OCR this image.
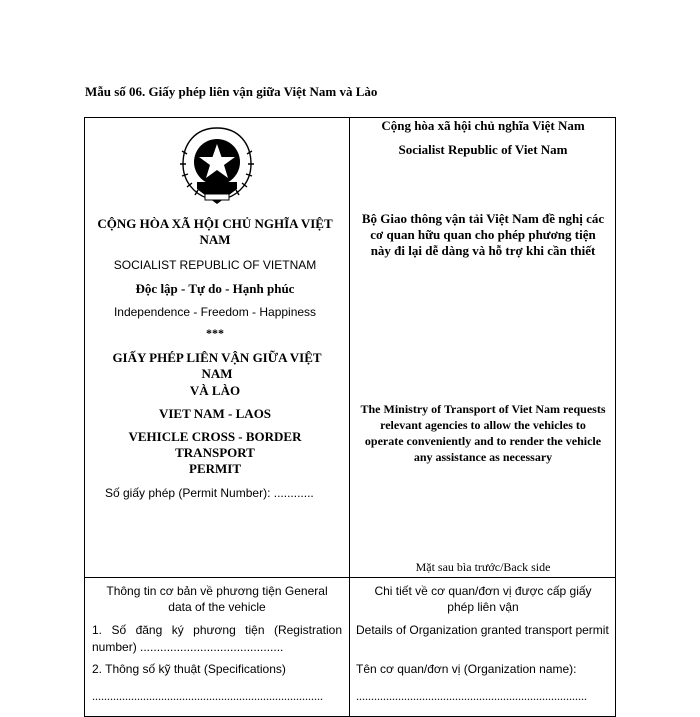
Mẫu số 06. Giấy phép liên vận giữa Việt Nam và Lào
CỘNG HÒA XÃ HỘI CHỦ NGHĨA VIỆT NAM
SOCIALIST REPUBLIC OF VIETNAM
Độc lập - Tự do - Hạnh phúc
Independence - Freedom - Happiness
***
GIẤY PHÉP LIÊN VẬN GIỮA VIỆT NAM
VÀ LÀO
VIET NAM - LAOS
VEHICLE CROSS - BORDER TRANSPORT
PERMIT
Số giấy phép (Permit Number): ............
Cộng hòa xã hội chủ nghĩa Việt Nam
Socialist Republic of Viet Nam
Bộ Giao thông vận tải Việt Nam đề nghị các cơ quan hữu quan cho phép phương tiện này đi lại dễ dàng và hỗ trợ khi cần thiết
The Ministry of Transport of Viet Nam requests relevant agencies to allow the vehicles to operate conveniently and to render the vehicle any assistance as necessary
Mặt sau bìa trước/Back side
Thông tin cơ bản về phương tiện General data of the vehicle
1. Số đăng ký phương tiện (Registration number) ...........................................
2. Thông số kỹ thuật (Specifications)
.............................................................................
Chi tiết về cơ quan/đơn vị được cấp giấy phép liên vận
Details of Organization granted transport permit
Tên cơ quan/đơn vị (Organization name):
.............................................................................
